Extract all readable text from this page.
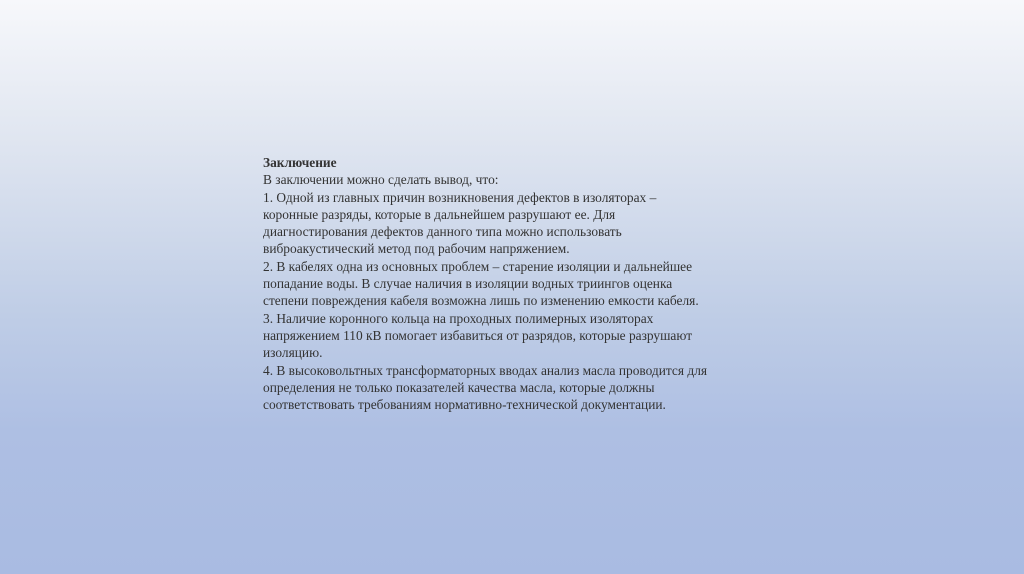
Заключение

В заключении можно сделать вывод, что:

1. Одной из главных причин возникновения дефектов в изоляторах –

коронные разряды, которые в дальнейшем разрушают ее. Для

диагностирования дефектов данного типа можно использовать

виброакустический метод под рабочим напряжением.

2. В кабелях одна из основных проблем – старение изоляции и дальнейшее

попадание воды. В случае наличия в изоляции водных триингов оценка

степени повреждения кабеля возможна лишь по изменению емкости кабеля.

3. Наличие коронного кольца на проходных полимерных изоляторах

напряжением 110 кВ помогает избавиться от разрядов, которые разрушают

изоляцию.

4. В высоковольтных трансформаторных вводах анализ масла проводится для

определения не только показателей качества масла, которые должны

соответствовать требованиям нормативно-технической документации.
